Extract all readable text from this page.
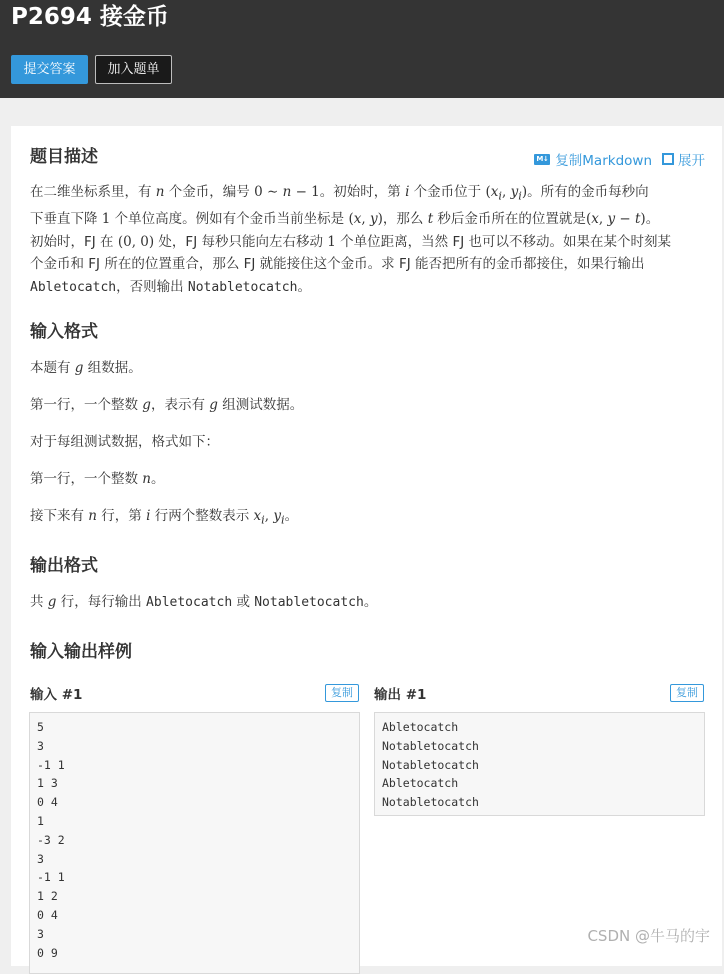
P2694 接金币
提交答案	加入题单
题目描述	M↓ 复制Markdown 展开

在二维坐标系里，有 n 个金币，编号 0 ∼ n − 1。初始时，第 i 个金币位于 ($x_i$, $y_i$)。所有的金币每秒向

下垂直下降 1 个单位高度。例如有个金币当前坐标是 (x, y)，那么 t 秒后金币所在的位置就是(x, y − t)。

初始时，FJ 在 (0, 0) 处，FJ 每秒只能向左右移动 1 个单位距离，当然 FJ 也可以不移动。如果在某个时刻某

个金币和 FJ 所在的位置重合，那么 FJ 就能接住这个金币。求 FJ 能否把所有的金币都接住，如果行输出

Abletocatch，否则输出 Notabletocatch。

输入格式
本题有 g 组数据。
第一行，一个整数 g，表示有 g 组测试数据。
对于每组测试数据，格式如下：
第一行，一个整数 n。
接下来有 n 行，第 i 行两个整数表示 $x_i$, $y_i$。
输出格式
共 g 行，每行输出 Abletocatch 或 Notabletocatch。
输入输出样例
输入 #1	复制
5
3
-1 1
1 3
0 4
1
-3 2
3
-1 1
1 2
0 4
3
0 9
输出 #1	复制
Abletocatch
Notabletocatch
Notabletocatch
Abletocatch
Notabletocatch
CSDN @牛马的宇
